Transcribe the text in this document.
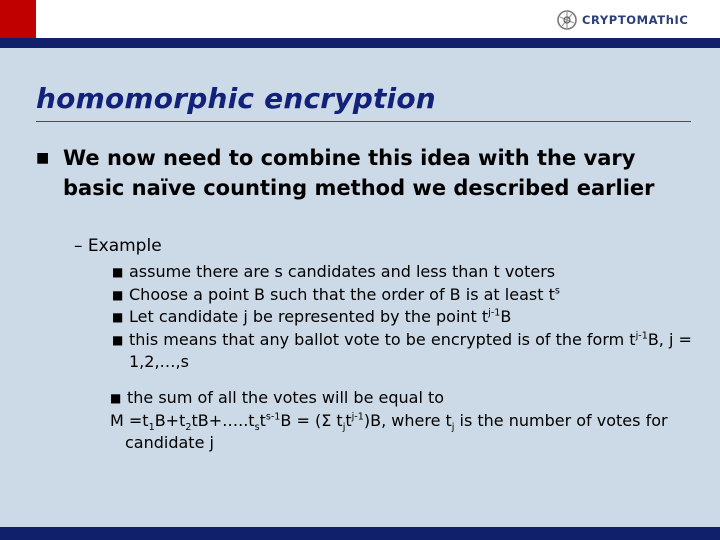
CRYPTOMAThIC
homomorphic encryption
■ We now need to combine this idea with the vary basic naïve counting method we described earlier
– Example
■ assume there are s candidates and less than t voters
■ Choose a point B such that the order of B is at least $t^s$
■ Let candidate j be represented by the point $t^{j-1}B$
■ this means that any ballot vote to be encrypted is of the form $t^{j-1}B$, j = 1,2,…,s
■ the sum of all the votes will be equal to
$M =t_1B+t_2tB+\dots..t_st^{s-1}B = (\Sigma$ $t_jt^{j-1})B$, where $t_j$ is the number of votes for candidate j
